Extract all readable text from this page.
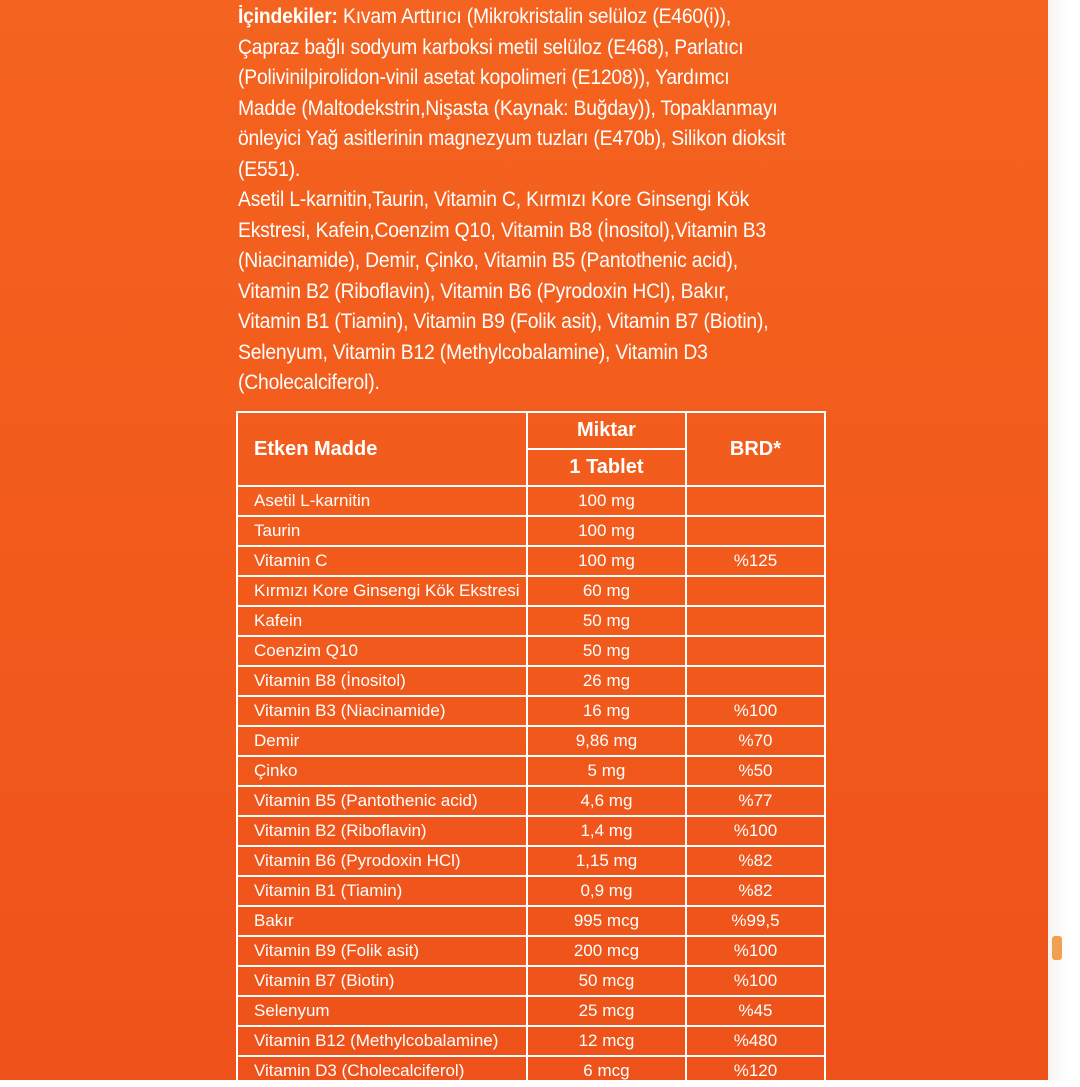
İçindekiler: Kıvam Arttırıcı (Mikrokristalin selüloz (E460(i)), Çapraz bağlı sodyum karboksi metil selüloz (E468), Parlatıcı (Polivinilpirolidon-vinil asetat kopolimeri (E1208)), Yardımcı Madde (Maltodekstrin,Nişasta (Kaynak: Buğday)), Topaklanmayı önleyici Yağ asitlerinin magnezyum tuzları (E470b), Silikon dioksit (E551).

Asetil L-karnitin,Taurin, Vitamin C, Kırmızı Kore Ginsengi Kök Ekstresi, Kafein,Coenzim Q10, Vitamin B8 (İnositol),Vitamin B3 (Niacinamide), Demir, Çinko, Vitamin B5 (Pantothenic acid), Vitamin B2 (Riboflavin), Vitamin B6 (Pyrodoxin HCl), Bakır, Vitamin B1 (Tiamin), Vitamin B9 (Folik asit), Vitamin B7 (Biotin), Selenyum, Vitamin B12 (Methylcobalamine), Vitamin D3 (Cholecalciferol).

Etken Madde	Miktar	BRD*
	1 Tablet	
Asetil L-karnitin	100 mg	
Taurin	100 mg	
Vitamin C	100 mg	%125
Kırmızı Kore Ginsengi Kök Ekstresi	60 mg	
Kafein	50 mg	
Coenzim Q10	50 mg	
Vitamin B8 (İnositol)	26 mg	
Vitamin B3 (Niacinamide)	16 mg	%100
Demir	9,86 mg	%70
Çinko	5 mg	%50
Vitamin B5 (Pantothenic acid)	4,6 mg	%77
Vitamin B2 (Riboflavin)	1,4 mg	%100
Vitamin B6 (Pyrodoxin HCl)	1,15 mg	%82
Vitamin B1 (Tiamin)	0,9 mg	%82
Bakır	995 mcg	%99,5
Vitamin B9 (Folik asit)	200 mcg	%100
Vitamin B7 (Biotin)	50 mcg	%100
Selenyum	25 mcg	%45
Vitamin B12 (Methylcobalamine)	12 mcg	%480
Vitamin D3 (Cholecalciferol)	6 mcg	%120
